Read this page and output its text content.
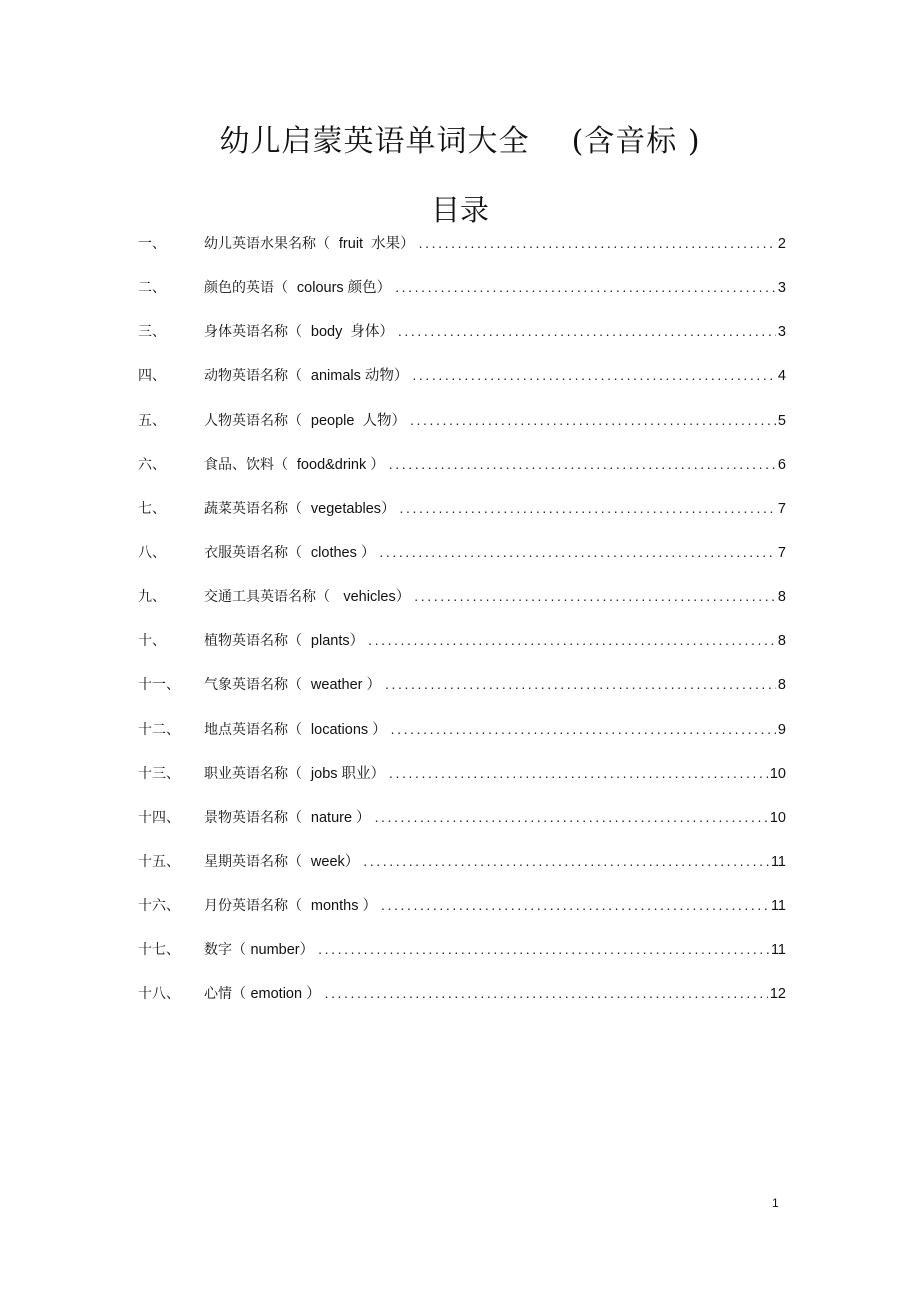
幼儿启蒙英语单词大全    (含音标 )
目录
一、	幼儿英语水果名称（  fruit  水果） .....	2
二、	颜色的英语（  colours 颜色） .....	3
三、	身体英语名称（  body  身体） .....	3
四、	动物英语名称（  animals 动物） .....	4
五、	人物英语名称（  people  人物） .....	5
六、	食品、饮料（  food&drink ） .....	6
七、	蔬菜英语名称（  vegetables） .....	7
八、	衣服英语名称（  clothes ） .....	7
九、	交通工具英语名称（   vehicles） .....	8
十、	植物英语名称（  plants） .....	8
十一、	气象英语名称（  weather ） .....	8
十二、	地点英语名称（  locations ） .....	9
十三、	职业英语名称（  jobs 职业） .....	10
十四、	景物英语名称（  nature ） .....	10
十五、	星期英语名称（  week） .....	11
十六、	月份英语名称（  months ） .....	11
十七、	数字（ number） .....	11
十八、	心情（ emotion ） .....	12
1
